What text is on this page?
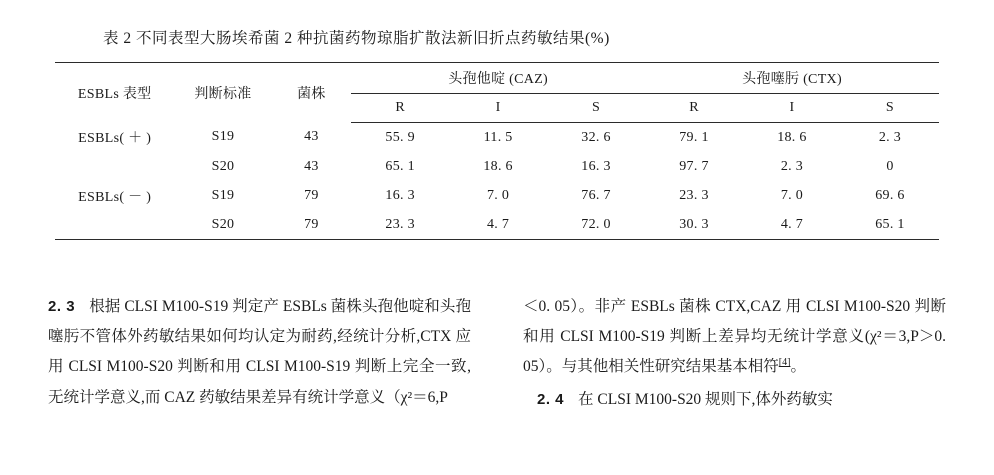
表 2 不同表型大肠埃希菌 2 种抗菌药物琼脂扩散法新旧折点药敏结果(%)
ESBLs 表型	判断标准	菌株	头孢他啶 (CAZ)			头孢噻肟 (CTX)		
			R	I	S	R	I	S
ESBLs( ＋ )	S19	43	55. 9	11. 5	32. 6	79. 1	18. 6	2. 3
	S20	43	65. 1	18. 6	16. 3	97. 7	2. 3	0
ESBLs( － )	S19	79	16. 3	7. 0	76. 7	23. 3	7. 0	69. 6
	S20	79	23. 3	4. 7	72. 0	30. 3	4. 7	65. 1

2. 3 根据 CLSI M100-S19 判定产 ESBLs 菌株头孢他啶和头孢噻肟不管体外药敏结果如何均认定为耐药,经统计分析,CTX 应用 CLSI M100-S20 判断和用 CLSI M100-S19 判断上完全一致,无统计学意义,而 CAZ 药敏结果差异有统计学意义（χ²＝6,P

＜0. 05）。非产 ESBLs 菌株 CTX,CAZ 用 CLSI M100-S20 判断和用 CLSI M100-S19 判断上差异均无统计学意义(χ²＝3,P＞0. 05）。与其他相关性研究结果基本相符[4]。

2. 4 在 CLSI M100-S20 规则下,体外药敏实
